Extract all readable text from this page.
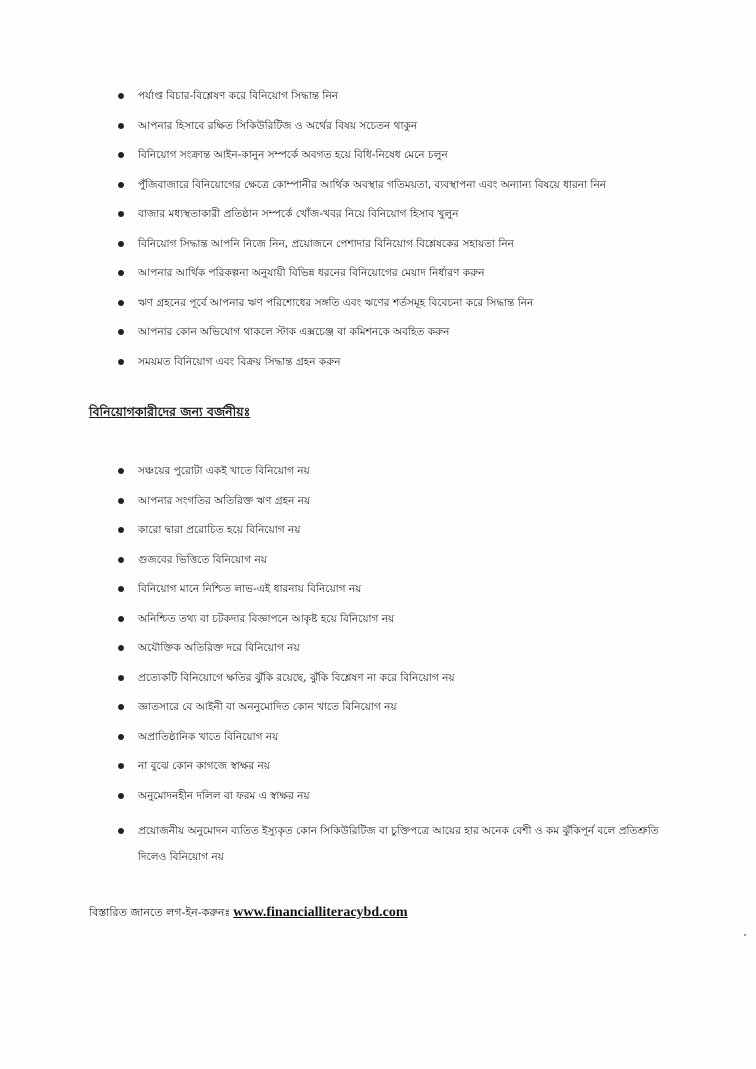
পর্যাপ্ত বিচার-বিশ্লেষণ করে বিনিয়োগ সিদ্ধান্ত নিন
আপনার হিসাবে রক্ষিত সিকিউরিটিজ ও অর্থের বিষয় সচেতন থাকুন
বিনিয়োগ সংক্রান্ত আইন-কানুন সম্পর্কে অবগত হয়ে বিধি-নিষেধ মেনে চলুন
পুঁজিবাজারে বিনিয়োগের ক্ষেত্রে কোম্পানীর আর্থিক অবস্থার গতিময়তা, ব্যবস্থাপনা এবং অন্যান্য বিষয়ে ধারনা নিন
বাজার মধ্যস্থতাকারী প্রতিষ্ঠান সম্পর্কে খোঁজ-খবর নিয়ে বিনিয়োগ হিসাব খুলুন
বিনিয়োগ সিদ্ধান্ত আপনি নিজে নিন, প্রয়োজনে পেশাদার বিনিয়োগ বিশ্লেষকের সহায়তা নিন
আপনার আর্থিক পরিকল্পনা অনুযায়ী বিভিন্ন ধরনের বিনিয়োগের মেয়াদ নির্ধারণ করুন
ঋণ গ্রহনের পূর্বে আপনার ঋণ পরিশোধের সঙ্গতি এবং ঋণের শর্তসমূহ বিবেচনা করে সিদ্ধান্ত নিন
আপনার কোন অভিযোগ থাকলে স্টাক এক্সচেঞ্জ বা কমিশনকে অবহিত করুন
সময়মত বিনিয়োগ এবং বিক্রয় সিদ্ধান্ত গ্রহন করুন
বিনিয়োগকারীদের জন্য বর্জনীয়ঃ
সঞ্চয়ের পুরোটা একই খাতে বিনিয়োগ নয়
আপনার সংগতির অতিরিক্ত ঋণ গ্রহন নয়
কারো দ্বারা প্ররোচিত হয়ে বিনিয়োগ নয়
গুজবের ভিত্তিতে বিনিয়োগ নয়
বিনিয়োগ মানে নিশ্চিত লাভ-এই ধারনায় বিনিয়োগ নয়
অনিশ্চিত তথ্য বা চটকদার বিজ্ঞাপনে আকৃষ্ট হয়ে বিনিয়োগ নয়
অযৌক্তিক অতিরিক্ত দরে বিনিয়োগ নয়
প্রত্যেকটি বিনিয়োগে ক্ষতির ঝুঁকি রয়েছে, ঝুঁকি বিশ্লেষণ না করে বিনিয়োগ নয়
জ্ঞাতসারে বে আইনী বা অননুমোদিত কোন খাতে বিনিয়োগ নয়
অপ্রাতিষ্ঠানিক খাতে বিনিয়োগ নয়
না বুঝে কোন কাগজে স্বাক্ষর নয়
অনুমোদনহীন দলিল বা ফরম এ স্বাক্ষর নয়
প্রয়োজনীয় অনুমোদন ব্যতিত ইস্যুকৃত কোন সিকিউরিটিজ বা চুক্তিপত্রে আয়ের হার অনেক বেশী ও কম ঝুঁকিপূর্ন বলে প্রতিশ্রুতি দিলেও বিনিয়োগ নয়
বিস্তারিত জানতে লগ-ইন-করুনঃ www.financialliteracybd.com
